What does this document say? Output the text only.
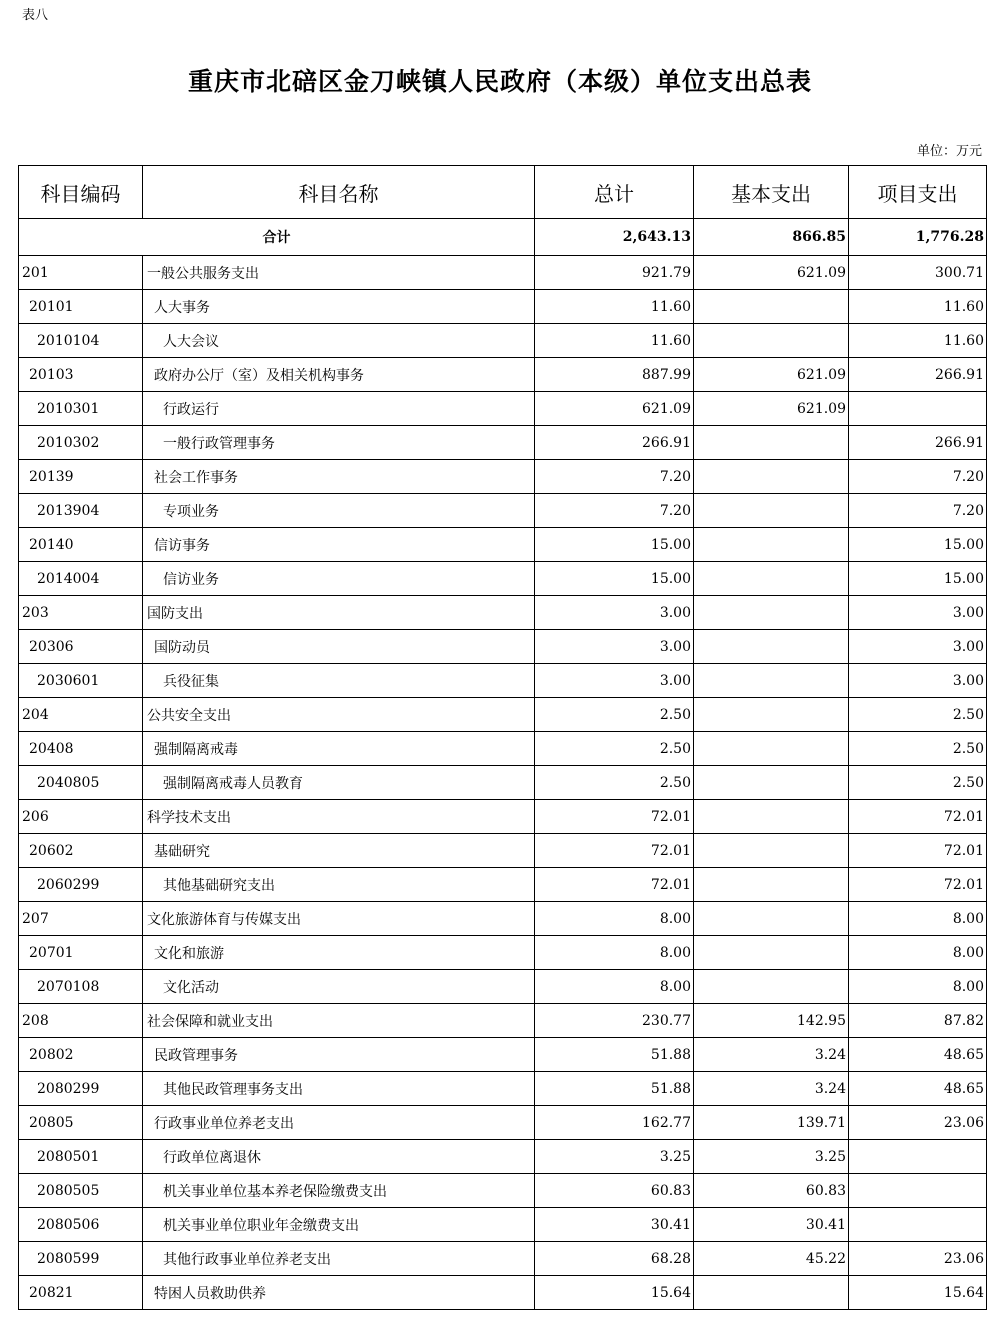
表八
重庆市北碚区金刀峡镇人民政府（本级）单位支出总表
单位：万元
科目编码	科目名称	总计	基本支出	项目支出
合计		2,643.13	866.85	1,776.28
201	一般公共服务支出	921.79	621.09	300.71
20101	人大事务	11.60		11.60
2010104	人大会议	11.60		11.60
20103	政府办公厅（室）及相关机构事务	887.99	621.09	266.91
2010301	行政运行	621.09	621.09	
2010302	一般行政管理事务	266.91		266.91
20139	社会工作事务	7.20		7.20
2013904	专项业务	7.20		7.20
20140	信访事务	15.00		15.00
2014004	信访业务	15.00		15.00
203	国防支出	3.00		3.00
20306	国防动员	3.00		3.00
2030601	兵役征集	3.00		3.00
204	公共安全支出	2.50		2.50
20408	强制隔离戒毒	2.50		2.50
2040805	强制隔离戒毒人员教育	2.50		2.50
206	科学技术支出	72.01		72.01
20602	基础研究	72.01		72.01
2060299	其他基础研究支出	72.01		72.01
207	文化旅游体育与传媒支出	8.00		8.00
20701	文化和旅游	8.00		8.00
2070108	文化活动	8.00		8.00
208	社会保障和就业支出	230.77	142.95	87.82
20802	民政管理事务	51.88	3.24	48.65
2080299	其他民政管理事务支出	51.88	3.24	48.65
20805	行政事业单位养老支出	162.77	139.71	23.06
2080501	行政单位离退休	3.25	3.25	
2080505	机关事业单位基本养老保险缴费支出	60.83	60.83	
2080506	机关事业单位职业年金缴费支出	30.41	30.41	
2080599	其他行政事业单位养老支出	68.28	45.22	23.06
20821	特困人员救助供养	15.64		15.64
